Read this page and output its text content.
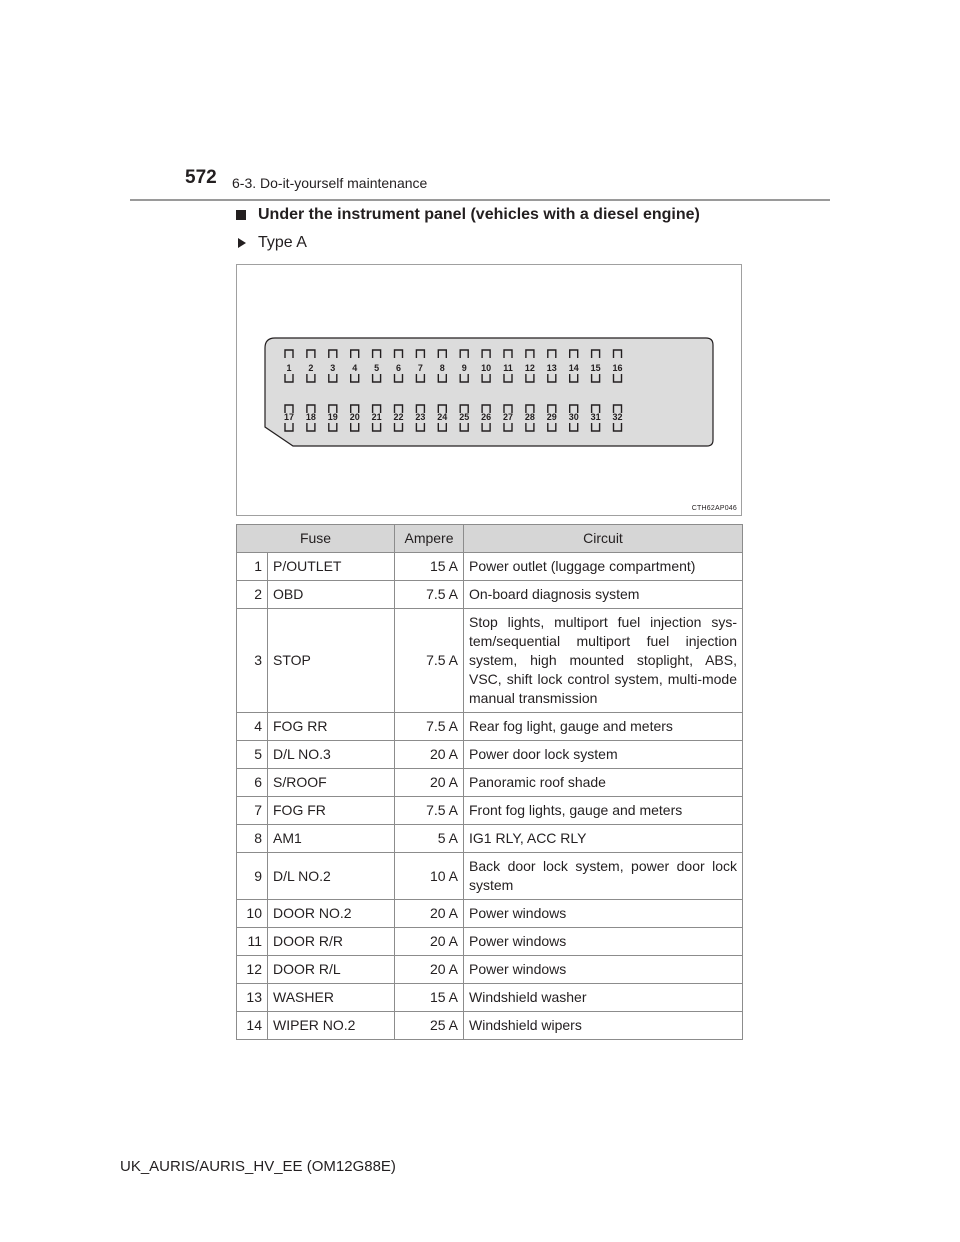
572 6-3. Do-it-yourself maintenance
Under the instrument panel (vehicles with a diesel engine)
Type A
1 2 3 4 5 6 7 8 9 10 11 12 13 14 15 16
17 18 19 20 21 22 23 24 25 26 27 28 29 30 31 32
CTH62AP046
Fuse		Ampere	Circuit
1	P/OUTLET	15 A	Power outlet (luggage compartment)
2	OBD	7.5 A	On-board diagnosis system
3	STOP	7.5 A	Stop lights, multiport fuel injection sys-tem/sequential multiport fuel injection system, high mounted stoplight, ABS, VSC, shift lock control system, multi-mode manual transmission
4	FOG RR	7.5 A	Rear fog light, gauge and meters
5	D/L NO.3	20 A	Power door lock system
6	S/ROOF	20 A	Panoramic roof shade
7	FOG FR	7.5 A	Front fog lights, gauge and meters
8	AM1	5 A	IG1 RLY, ACC RLY
9	D/L NO.2	10 A	Back door lock system, power door lock system
10	DOOR NO.2	20 A	Power windows
11	DOOR R/R	20 A	Power windows
12	DOOR R/L	20 A	Power windows
13	WASHER	15 A	Windshield washer
14	WIPER NO.2	25 A	Windshield wipers
UK_AURIS/AURIS_HV_EE (OM12G88E)
